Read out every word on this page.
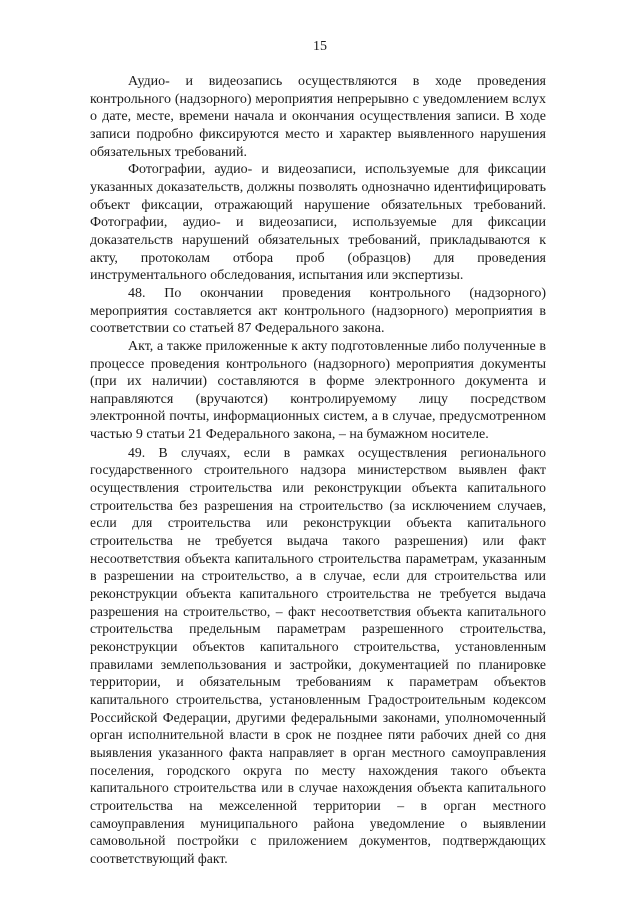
15

Аудио- и видеозапись осуществляются в ходе проведения контрольного (надзорного) мероприятия непрерывно с уведомлением вслух о дате, месте, времени начала и окончания осуществления записи. В ходе записи подробно фиксируются место и характер выявленного нарушения обязательных требований.

Фотографии, аудио- и видеозаписи, используемые для фиксации указанных доказательств, должны позволять однозначно идентифицировать объект фиксации, отражающий нарушение обязательных требований. Фотографии, аудио- и видеозаписи, используемые для фиксации доказательств нарушений обязательных требований, прикладываются к акту, протоколам отбора проб (образцов) для проведения инструментального обследования, испытания или экспертизы.

48. По окончании проведения контрольного (надзорного) мероприятия составляется акт контрольного (надзорного) мероприятия в соответствии со статьей 87 Федерального закона.

Акт, а также приложенные к акту подготовленные либо полученные в процессе проведения контрольного (надзорного) мероприятия документы (при их наличии) составляются в форме электронного документа и направляются (вручаются) контролируемому лицу посредством электронной почты, информационных систем, а в случае, предусмотренном частью 9 статьи 21 Федерального закона, – на бумажном носителе.

49. В случаях, если в рамках осуществления регионального государственного строительного надзора министерством выявлен факт осуществления строительства или реконструкции объекта капитального строительства без разрешения на строительство (за исключением случаев, если для строительства или реконструкции объекта капитального строительства не требуется выдача такого разрешения) или факт несоответствия объекта капитального строительства параметрам, указанным в разрешении на строительство, а в случае, если для строительства или реконструкции объекта капитального строительства не требуется выдача разрешения на строительство, – факт несоответствия объекта капитального строительства предельным параметрам разрешенного строительства, реконструкции объектов капитального строительства, установленным правилами землепользования и застройки, документацией по планировке территории, и обязательным требованиям к параметрам объектов капитального строительства, установленным Градостроительным кодексом Российской Федерации, другими федеральными законами, уполномоченный орган исполнительной власти в срок не позднее пяти рабочих дней со дня выявления указанного факта направляет в орган местного самоуправления поселения, городского округа по месту нахождения такого объекта капитального строительства или в случае нахождения объекта капитального строительства на межселенной территории – в орган местного самоуправления муниципального района уведомление о выявлении самовольной постройки с приложением документов, подтверждающих соответствующий факт.
